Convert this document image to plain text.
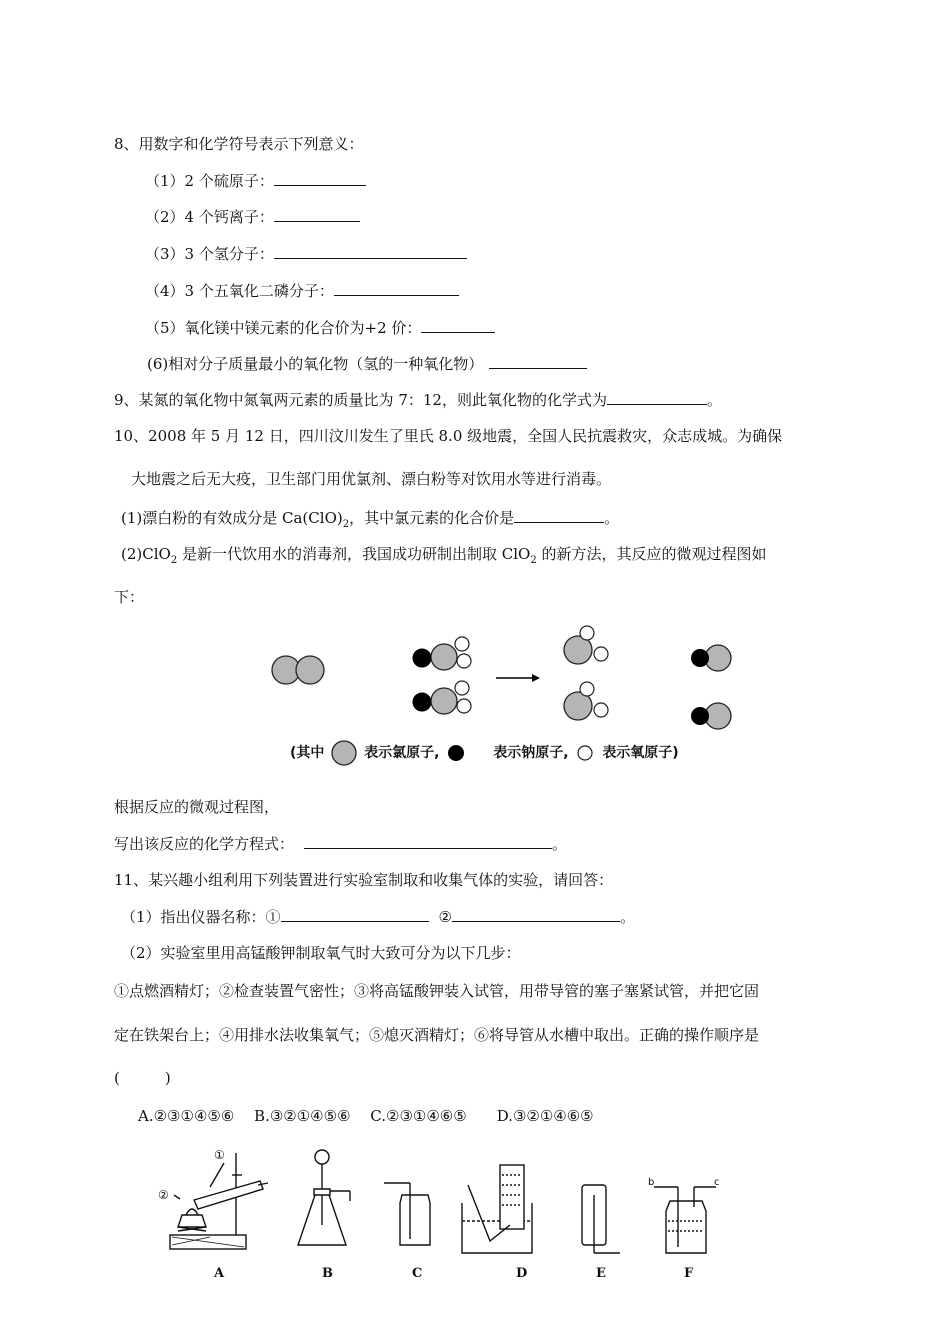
8、用数字和化学符号表示下列意义：
（1）2 个硫原子：
（2）4 个钙离子：
（3）3 个氢分子：
（4）3 个五氧化二磷分子：
（5）氧化镁中镁元素的化合价为+2 价：
(6)相对分子质量最小的氧化物（氢的一种氧化物）
9、某氮的氧化物中氮氧两元素的质量比为 7：12，则此氧化物的化学式为	。
10、2008 年 5 月 12 日，四川汶川发生了里氏 8.0 级地震，全国人民抗震救灾，众志成城。为确保
大地震之后无大疫，卫生部门用优氯剂、漂白粉等对饮用水等进行消毒。
(1)漂白粉的有效成分是 $Ca(ClO)_2$，其中氯元素的化合价是	。
(2)ClO$_2$ 是新一代饮用水的消毒剂，我国成功研制出制取 ClO$_2$ 的新方法，其反应的微观过程图如
下：
(其中	表示氯原子,	表示钠原子, 表示氧原子)
根据反应的微观过程图，
写出该反应的化学方程式：	。
11、某兴趣小组利用下列装置进行实验室制取和收集气体的实验，请回答：
（1）指出仪器名称：①	②	。
（2）实验室里用高锰酸钾制取氧气时大致可分为以下几步：
①点燃酒精灯；②检查装置气密性；③将高锰酸钾装入试管，用带导管的塞子塞紧试管，并把它固
定在铁架台上；④用排水法收集氧气；⑤熄灭酒精灯；⑥将导管从水槽中取出。正确的操作顺序是
(　　　)
A.②③①④⑤⑥　 B.③②①④⑤⑥　 C.②③①④⑥⑤　　D.③②①④⑥⑤
①
②
b	c
A	B	C	D	E	F
